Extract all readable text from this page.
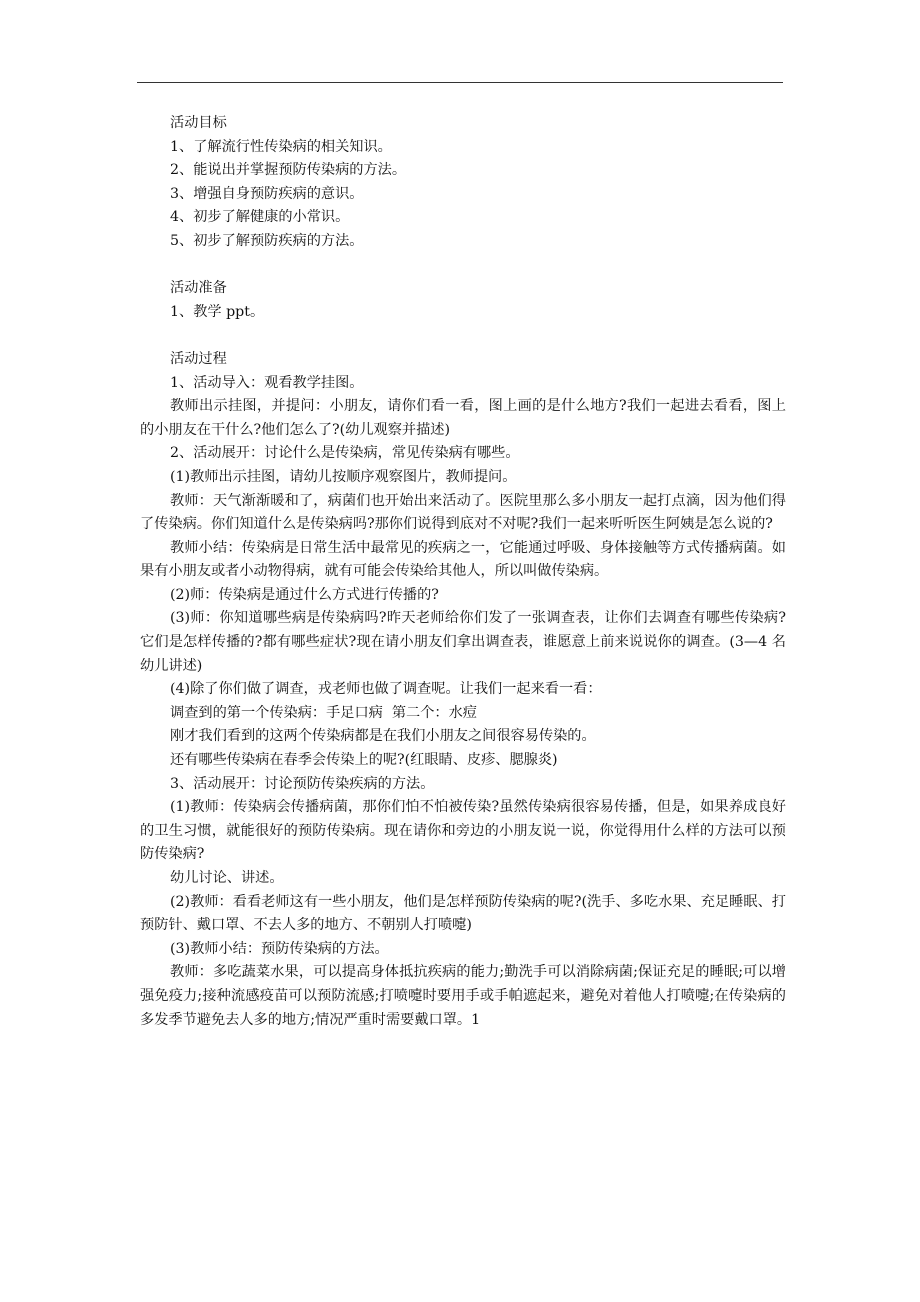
活动目标
1、了解流行性传染病的相关知识。
2、能说出并掌握预防传染病的方法。
3、增强自身预防疾病的意识。
4、初步了解健康的小常识。
5、初步了解预防疾病的方法。
活动准备
1、教学 ppt。
活动过程

1、活动导入：观看教学挂图。

教师出示挂图，并提问：小朋友，请你们看一看，图上画的是什么地方?我们一起进去看看，图上的小朋友在干什么?他们怎么了?(幼儿观察并描述)

2、活动展开：讨论什么是传染病，常见传染病有哪些。

(1)教师出示挂图，请幼儿按顺序观察图片，教师提问。

教师：天气渐渐暖和了，病菌们也开始出来活动了。医院里那么多小朋友一起打点滴，因为他们得了传染病。你们知道什么是传染病吗?那你们说得到底对不对呢?我们一起来听听医生阿姨是怎么说的?

教师小结：传染病是日常生活中最常见的疾病之一，它能通过呼吸、身体接触等方式传播病菌。如果有小朋友或者小动物得病，就有可能会传染给其他人，所以叫做传染病。

(2)师：传染病是通过什么方式进行传播的?

(3)师：你知道哪些病是传染病吗?昨天老师给你们发了一张调查表，让你们去调查有哪些传染病?它们是怎样传播的?都有哪些症状?现在请小朋友们拿出调查表，谁愿意上前来说说你的调查。(3—4 名幼儿讲述)

(4)除了你们做了调查，戎老师也做了调查呢。让我们一起来看一看：

调查到的第一个传染病：手足口病  第二个：水痘

刚才我们看到的这两个传染病都是在我们小朋友之间很容易传染的。

还有哪些传染病在春季会传染上的呢?(红眼睛、皮疹、腮腺炎)

3、活动展开：讨论预防传染疾病的方法。

(1)教师：传染病会传播病菌，那你们怕不怕被传染?虽然传染病很容易传播，但是，如果养成良好的卫生习惯，就能很好的预防传染病。现在请你和旁边的小朋友说一说，你觉得用什么样的方法可以预防传染病?

幼儿讨论、讲述。

(2)教师：看看老师这有一些小朋友，他们是怎样预防传染病的呢?(洗手、多吃水果、充足睡眠、打预防针、戴口罩、不去人多的地方、不朝别人打喷嚏)

(3)教师小结：预防传染病的方法。

教师：多吃蔬菜水果，可以提高身体抵抗疾病的能力;勤洗手可以消除病菌;保证充足的睡眠;可以增强免疫力;接种流感疫苗可以预防流感;打喷嚏时要用手或手帕遮起来，避免对着他人打喷嚏;在传染病的多发季节避免去人多的地方;情况严重时需要戴口罩。1
